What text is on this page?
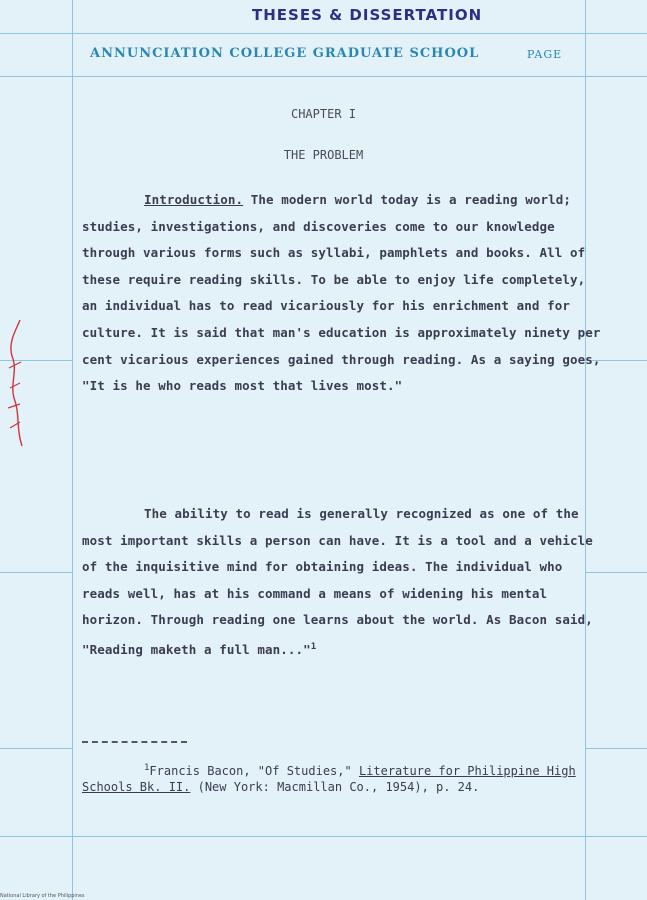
THESES & DISSERTATION
ANNUNCIATION COLLEGE GRADUATE SCHOOL	PAGE
CHAPTER I
THE PROBLEM
Introduction. The modern world today is a reading world; studies, investigations, and discoveries come to our knowledge through various forms such as syllabi, pamphlets and books. All of these require reading skills. To be able to enjoy life completely, an individual has to read vicariously for his enrichment and for culture. It is said that man's education is approximately ninety per cent vicarious experiences gained through reading. As a saying goes, "It is he who reads most that lives most."
The ability to read is generally recognized as one of the most important skills a person can have. It is a tool and a vehicle of the inquisitive mind for obtaining ideas. The individual who reads well, has at his command a means of widening his mental horizon. Through reading one learns about the world. As Bacon said, "Reading maketh a full man..."$^1$
$^1$Francis Bacon, "Of Studies," Literature for Philippine High Schools Bk. II. (New York: Macmillan Co., 1954), p. 24.
National Library of the Philippines
